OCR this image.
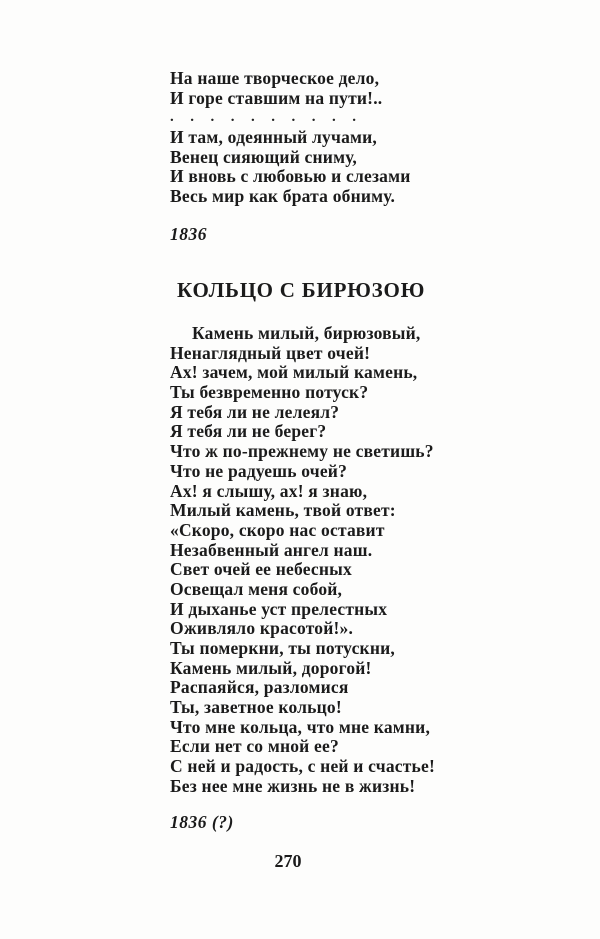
На наше творческое дело,
И горе ставшим на пути!..
..........
И там, одеянный лучами,
Венец сияющий сниму,
И вновь с любовью и слезами
Весь мир как брата обниму.
1836
КОЛЬЦО С БИРЮЗОЮ
Камень милый, бирюзовый,
Ненаглядный цвет очей!
Ах! зачем, мой милый камень,
Ты безвременно потуск?
Я тебя ли не лелеял?
Я тебя ли не берег?
Что ж по-прежнему не светишь?
Что не радуешь очей?
Ах! я слышу, ах! я знаю,
Милый камень, твой ответ:
«Скоро, скоро нас оставит
Незабвенный ангел наш.
Свет очей ее небесных
Освещал меня собой,
И дыханье уст прелестных
Оживляло красотой!».
Ты померкни, ты потускни,
Камень милый, дорогой!
Распаяйся, разломися
Ты, заветное кольцо!
Что мне кольца, что мне камни,
Если нет со мной ее?
С ней и радость, с ней и счастье!
Без нее мне жизнь не в жизнь!
1836 (?)
270
